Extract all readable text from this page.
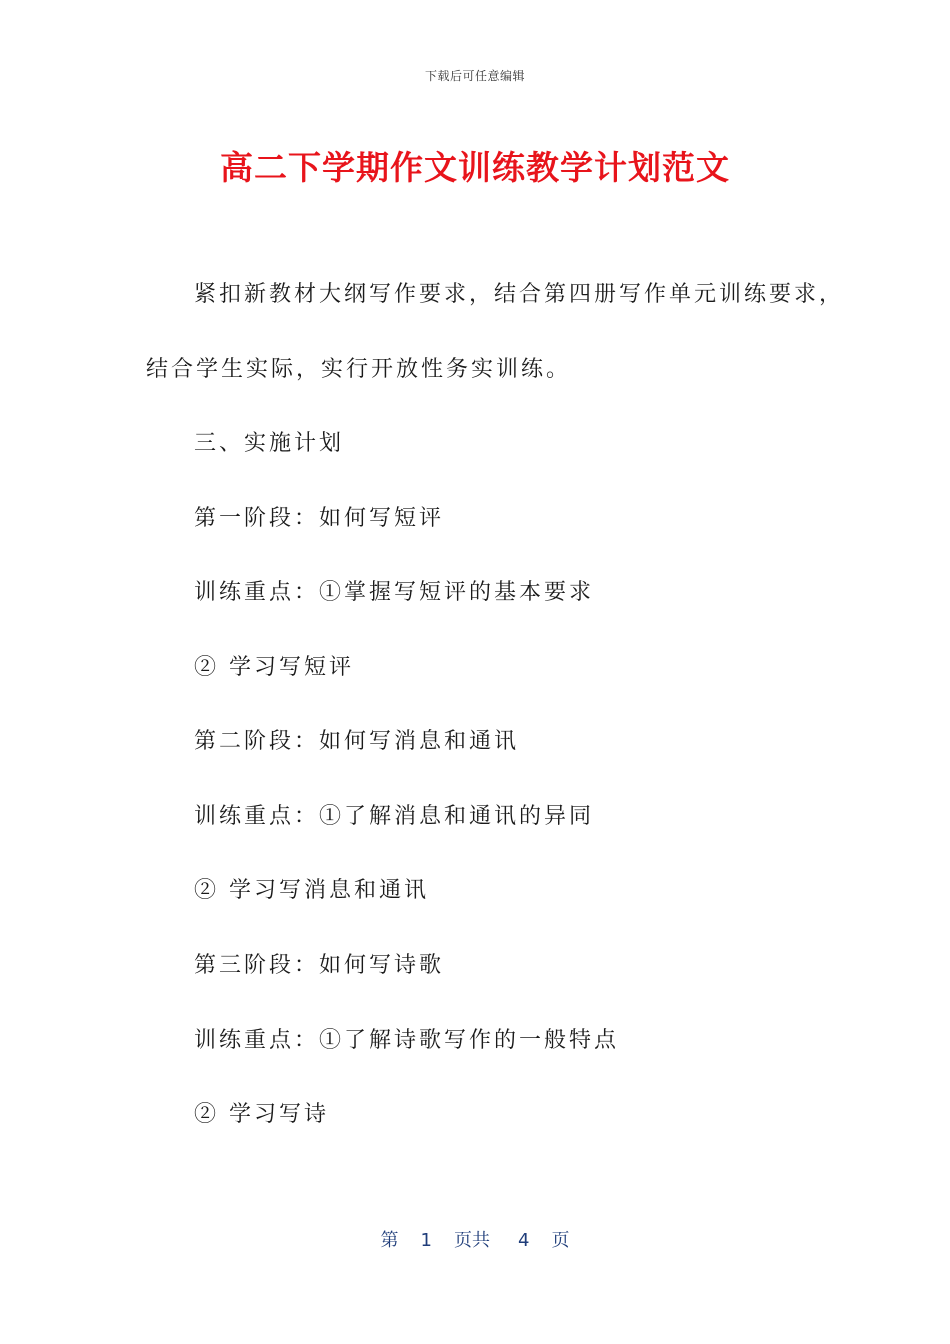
下载后可任意编辑
高二下学期作文训练教学计划范文
紧扣新教材大纲写作要求，结合第四册写作单元训练要求，
结合学生实际，实行开放性务实训练。
三、实施计划
第一阶段：如何写短评
训练重点：①掌握写短评的基本要求
② 学习写短评
第二阶段：如何写消息和通讯
训练重点：①了解消息和通讯的异同
② 学习写消息和通讯
第三阶段：如何写诗歌
训练重点：①了解诗歌写作的一般特点
② 学习写诗
第 1 页共 4 页
